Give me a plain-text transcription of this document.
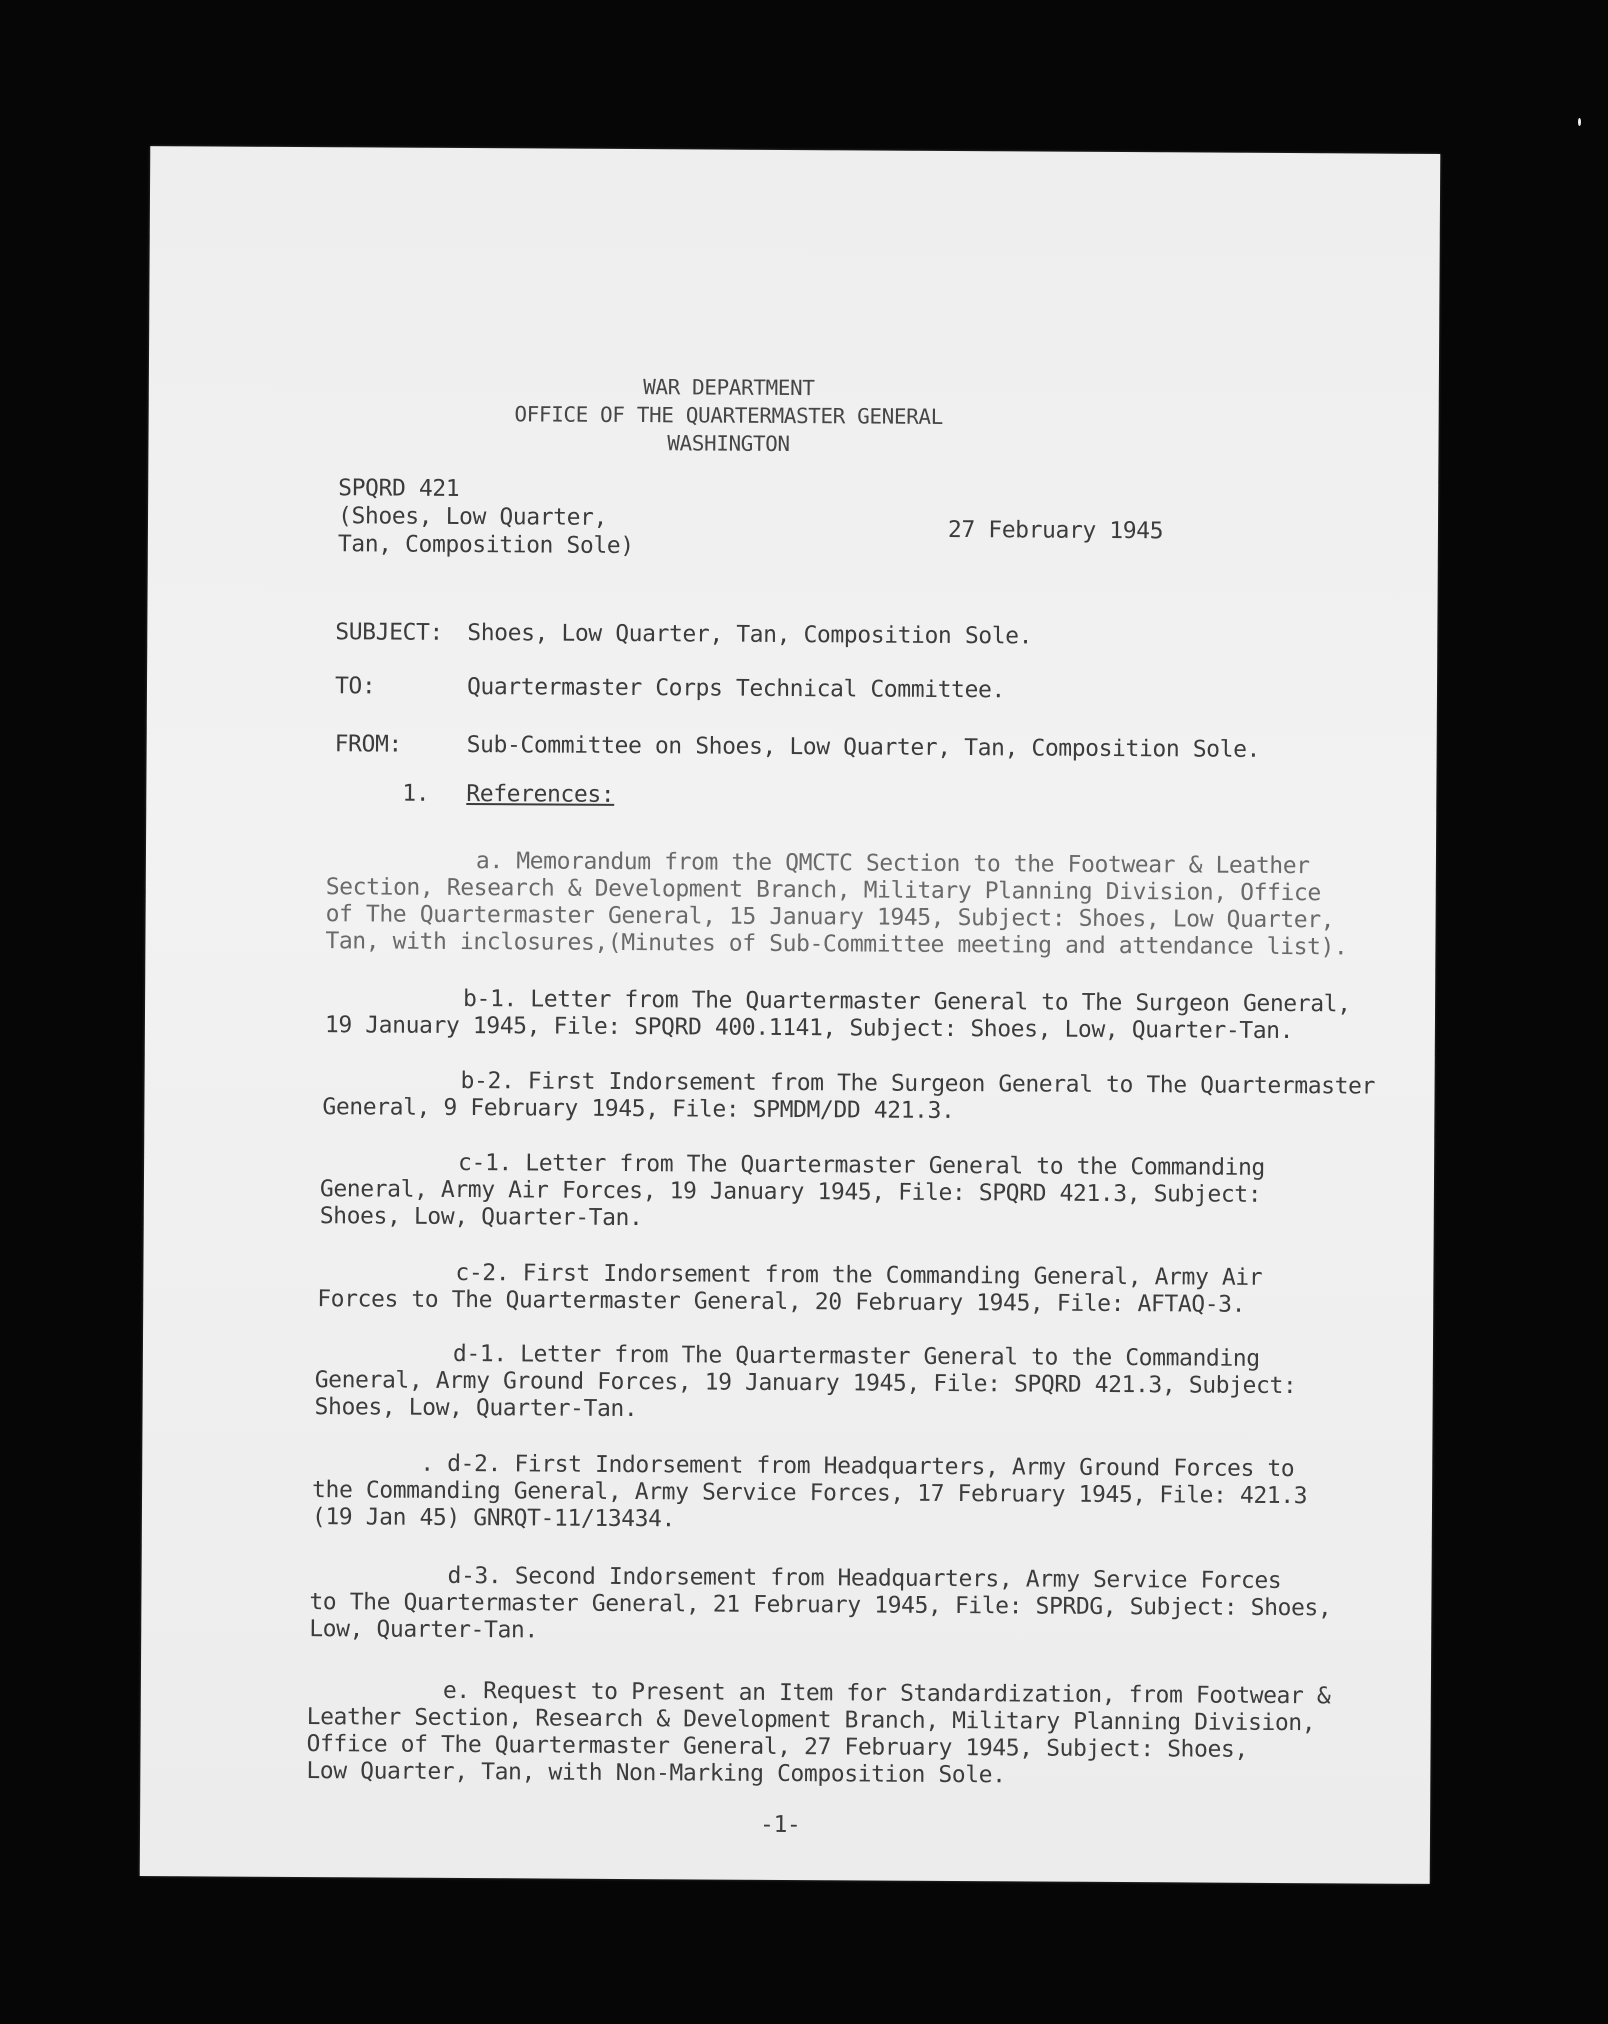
WAR DEPARTMENT
OFFICE OF THE QUARTERMASTER GENERAL
WASHINGTON
SPQRD 421
(Shoes, Low Quarter,
Tan, Composition Sole)
27 February 1945
SUBJECT: Shoes, Low Quarter, Tan, Composition Sole.
TO:	Quartermaster Corps Technical Committee.
FROM:	Sub-Committee on Shoes, Low Quarter, Tan, Composition Sole.
1. References:
a. Memorandum from the QMCTC Section to the Footwear & Leather
Section, Research & Development Branch, Military Planning Division, Office
of The Quartermaster General, 15 January 1945, Subject: Shoes, Low Quarter,
Tan, with inclosures,(Minutes of Sub-Committee meeting and attendance list).
b-1. Letter from The Quartermaster General to The Surgeon General,
19 January 1945, File: SPQRD 400.1141, Subject: Shoes, Low, Quarter-Tan.
b-2. First Indorsement from The Surgeon General to The Quartermaster
General, 9 February 1945, File: SPMDM/DD 421.3.
c-1. Letter from The Quartermaster General to the Commanding
General, Army Air Forces, 19 January 1945, File: SPQRD 421.3, Subject:
Shoes, Low, Quarter-Tan.
c-2. First Indorsement from the Commanding General, Army Air
Forces to The Quartermaster General, 20 February 1945, File: AFTAQ-3.
d-1. Letter from The Quartermaster General to the Commanding
General, Army Ground Forces, 19 January 1945, File: SPQRD 421.3, Subject:
Shoes, Low, Quarter-Tan.
. d-2. First Indorsement from Headquarters, Army Ground Forces to
the Commanding General, Army Service Forces, 17 February 1945, File: 421.3
(19 Jan 45) GNRQT-11/13434.
d-3. Second Indorsement from Headquarters, Army Service Forces
to The Quartermaster General, 21 February 1945, File: SPRDG, Subject: Shoes,
Low, Quarter-Tan.
e. Request to Present an Item for Standardization, from Footwear &
Leather Section, Research & Development Branch, Military Planning Division,
Office of The Quartermaster General, 27 February 1945, Subject: Shoes,
Low Quarter, Tan, with Non-Marking Composition Sole.
-1-
